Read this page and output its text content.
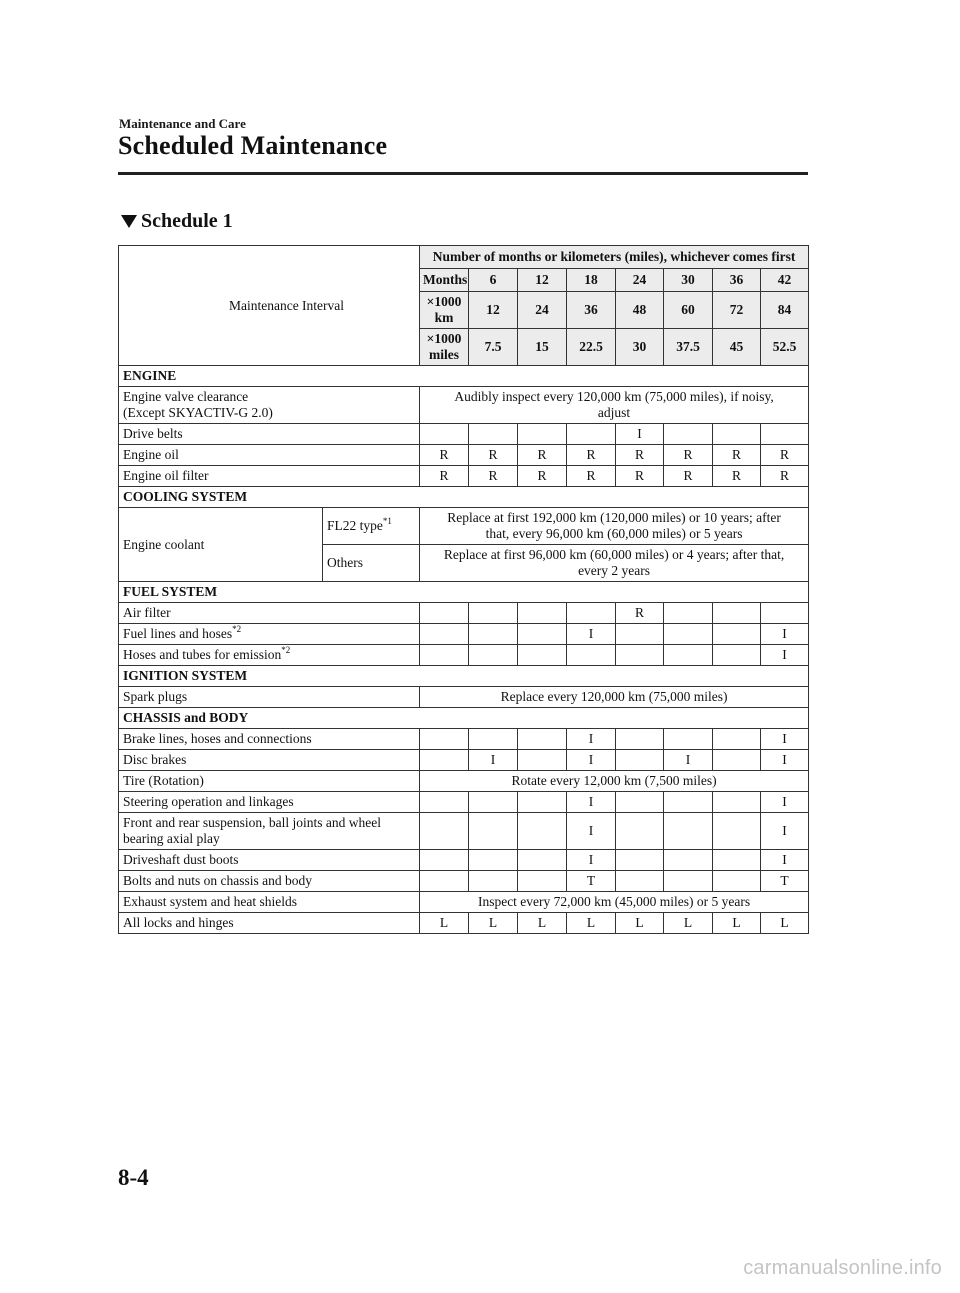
Maintenance and Care
Scheduled Maintenance
Schedule 1
Maintenance Interval		Number of months or kilometers (miles), whichever comes first								
		Months	6	12	18	24	30	36	42	
		×1000 km	12	24	36	48	60	72	84	
		×1000 miles	7.5	15	22.5	30	37.5	45	52.5	
ENGINE										
Engine valve clearance
(Except SKYACTIV-G 2.0)		Audibly inspect every 120,000 km (75,000 miles), if noisy,
adjust								
Drive belts						I				
Engine oil		R	R	R	R	R	R	R	R	
Engine oil filter		R	R	R	R	R	R	R	R	
COOLING SYSTEM										
Engine coolant	FL22 type$^{*1}$	Replace at first 192,000 km (120,000 miles) or 10 years; after
that, every 96,000 km (60,000 miles) or 5 years								
	Others	Replace at first 96,000 km (60,000 miles) or 4 years; after that,
every 2 years								
FUEL SYSTEM										
Air filter						R				
Fuel lines and hoses$^{*2}$					I				I	
Hoses and tubes for emission$^{*2}$									I	
IGNITION SYSTEM										
Spark plugs		Replace every 120,000 km (75,000 miles)								
CHASSIS and BODY										
Brake lines, hoses and connections					I				I	
Disc brakes			I		I		I		I	
Tire (Rotation)		Rotate every 12,000 km (7,500 miles)								
Steering operation and linkages					I				I	
Front and rear suspension, ball joints and wheel
bearing axial play					I				I	
Driveshaft dust boots					I				I	
Bolts and nuts on chassis and body					T				T	
Exhaust system and heat shields		Inspect every 72,000 km (45,000 miles) or 5 years								
All locks and hinges		L	L	L	L	L	L	L	L	
8-4
carmanualsonline.info
